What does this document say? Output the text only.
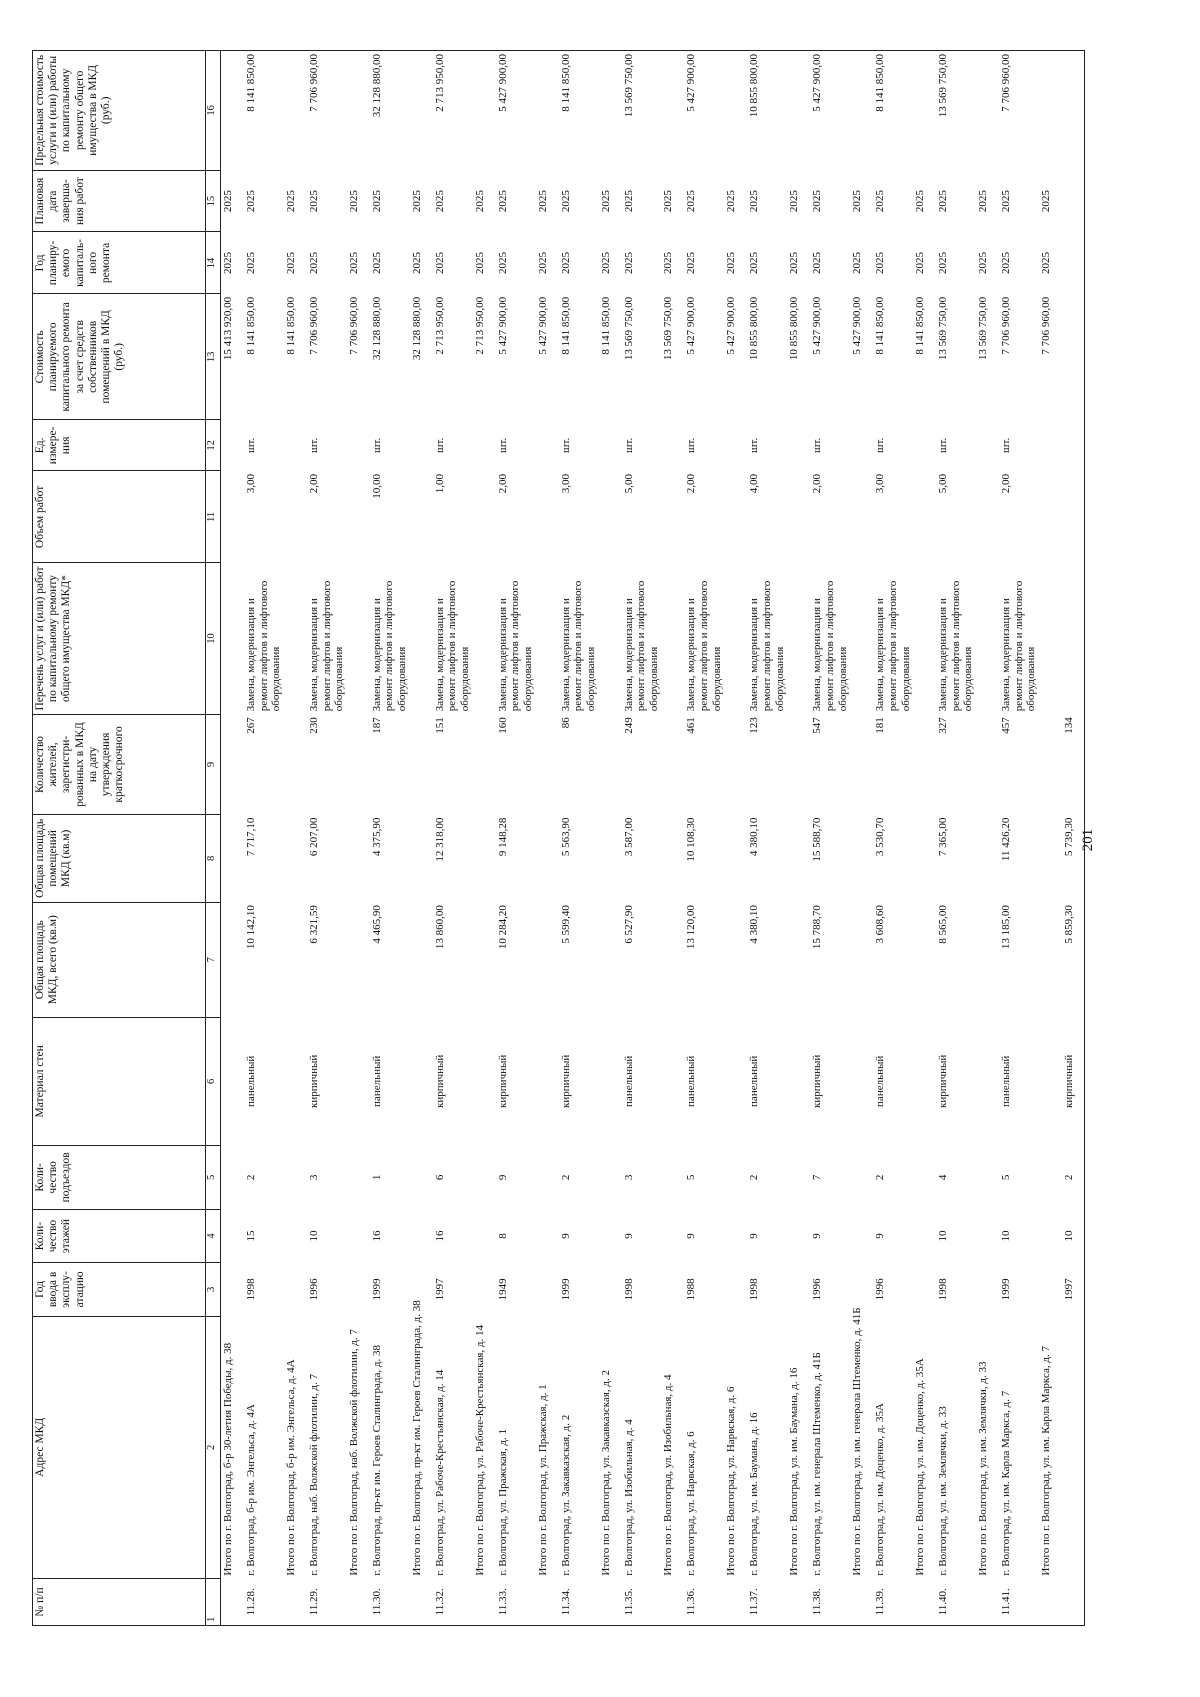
201
№ п/п	Адрес МКД	Год ввода в эксплу-атацию	Коли-чество этажей	Коли-чество подъездов	Материал стен	Общая площадь МКД, всего (кв.м)	Общая площадь помещений МКД (кв.м)	Количество жителей, зарегистри-рованных в МКД на дату утверждения краткосрочного	Перечень услуг и (или) работ по капитальному ремонту общего имущества МКД*	Объем работ	Ед. измере-ния	Стоимость планируемого капитального ремонта за счет средств собственников помещений в МКД (руб.)	Год планиру-емого капиталь-ного ремонта	Плановая дата заверша-ния работ	Предельная стоимость услуги и (или) работы по капитальному ремонту общего имущества в МКД (руб.)
1	2	3	4	5	6	7	8	9	10	11	12	13	14	15	16
	Итого по г. Волгоград, б-р 30-летия Победы, д. 38											15 413 920,00	2025	2025	
11.28.	г. Волгоград, б-р им. Энгельса, д. 4А	1998	15	2	панельный	10 142,10	7 717,10	267	Замена, модернизация и ремонт лифтов и лифтового оборудования	3,00	шт.	8 141 850,00	2025	2025	8 141 850,00
	Итого по г. Волгоград, б-р им. Энгельса, д. 4А											8 141 850,00	2025	2025	
11.29.	г. Волгоград, наб. Волжской флотилии, д. 7	1996	10	3	кирпичный	6 321,59	6 207,00	230	Замена, модернизация и ремонт лифтов и лифтового оборудования	2,00	шт.	7 706 960,00	2025	2025	7 706 960,00
	Итого по г. Волгоград, наб. Волжской флотилии, д. 7											7 706 960,00	2025	2025	
11.30.	г. Волгоград, пр-кт им. Героев Сталинграда, д. 38	1999	16	1	панельный	4 465,90	4 375,90	187	Замена, модернизация и ремонт лифтов и лифтового оборудования	10,00	шт.	32 128 880,00	2025	2025	32 128 880,00
	Итого по г. Волгоград, пр-кт им. Героев Сталинграда, д. 38											32 128 880,00	2025	2025	
11.32.	г. Волгоград, ул. Рабоче-Крестьянская, д. 14	1997	16	6	кирпичный	13 860,00	12 318,00	151	Замена, модернизация и ремонт лифтов и лифтового оборудования	1,00	шт.	2 713 950,00	2025	2025	2 713 950,00
	Итого по г. Волгоград, ул. Рабоче-Крестьянская, д. 14											2 713 950,00	2025	2025	
11.33.	г. Волгоград, ул. Пражская, д. 1	1949	8	9	кирпичный	10 284,20	9 148,28	160	Замена, модернизация и ремонт лифтов и лифтового оборудования	2,00	шт.	5 427 900,00	2025	2025	5 427 900,00
	Итого по г. Волгоград, ул. Пражская, д. 1											5 427 900,00	2025	2025	
11.34.	г. Волгоград, ул. Закавказская, д. 2	1999	9	2	кирпичный	5 599,40	5 563,90	86	Замена, модернизация и ремонт лифтов и лифтового оборудования	3,00	шт.	8 141 850,00	2025	2025	8 141 850,00
	Итого по г. Волгоград, ул. Закавказская, д. 2											8 141 850,00	2025	2025	
11.35.	г. Волгоград, ул. Изобильная, д. 4	1998	9	3	панельный	6 527,90	3 587,00	249	Замена, модернизация и ремонт лифтов и лифтового оборудования	5,00	шт.	13 569 750,00	2025	2025	13 569 750,00
	Итого по г. Волгоград, ул. Изобильная, д. 4											13 569 750,00	2025	2025	
11.36.	г. Волгоград, ул. Нарвская, д. 6	1988	9	5	панельный	13 120,00	10 108,30	461	Замена, модернизация и ремонт лифтов и лифтового оборудования	2,00	шт.	5 427 900,00	2025	2025	5 427 900,00
	Итого по г. Волгоград, ул. Нарвская, д. 6											5 427 900,00	2025	2025	
11.37.	г. Волгоград, ул. им. Баумана, д. 16	1998	9	2	панельный	4 380,10	4 380,10	123	Замена, модернизация и ремонт лифтов и лифтового оборудования	4,00	шт.	10 855 800,00	2025	2025	10 855 800,00
	Итого по г. Волгоград, ул. им. Баумана, д. 16											10 855 800,00	2025	2025	
11.38.	г. Волгоград, ул. им. генерала Штеменко, д. 41Б	1996	9	7	кирпичный	15 788,70	15 588,70	547	Замена, модернизация и ремонт лифтов и лифтового оборудования	2,00	шт.	5 427 900,00	2025	2025	5 427 900,00
	Итого по г. Волгоград, ул. им. генерала Штеменко, д. 41Б											5 427 900,00	2025	2025	
11.39.	г. Волгоград, ул. им. Доценко, д. 35А	1996	9	2	панельный	3 608,60	3 530,70	181	Замена, модернизация и ремонт лифтов и лифтового оборудования	3,00	шт.	8 141 850,00	2025	2025	8 141 850,00
	Итого по г. Волгоград, ул. им. Доценко, д. 35А											8 141 850,00	2025	2025	
11.40.	г. Волгоград, ул. им. Землячки, д. 33	1998	10	4	кирпичный	8 565,00	7 365,00	327	Замена, модернизация и ремонт лифтов и лифтового оборудования	5,00	шт.	13 569 750,00	2025	2025	13 569 750,00
	Итого по г. Волгоград, ул. им. Землячки, д. 33											13 569 750,00	2025	2025	
11.41.	г. Волгоград, ул. им. Карла Маркса, д. 7	1999	10	5	панельный	13 185,00	11 426,20	457	Замена, модернизация и ремонт лифтов и лифтового оборудования	2,00	шт.	7 706 960,00	2025	2025	7 706 960,00
	Итого по г. Волгоград, ул. им. Карла Маркса, д. 7											7 706 960,00	2025	2025	
		1997	10	2	кирпичный	5 859,30	5 739,30	134							
